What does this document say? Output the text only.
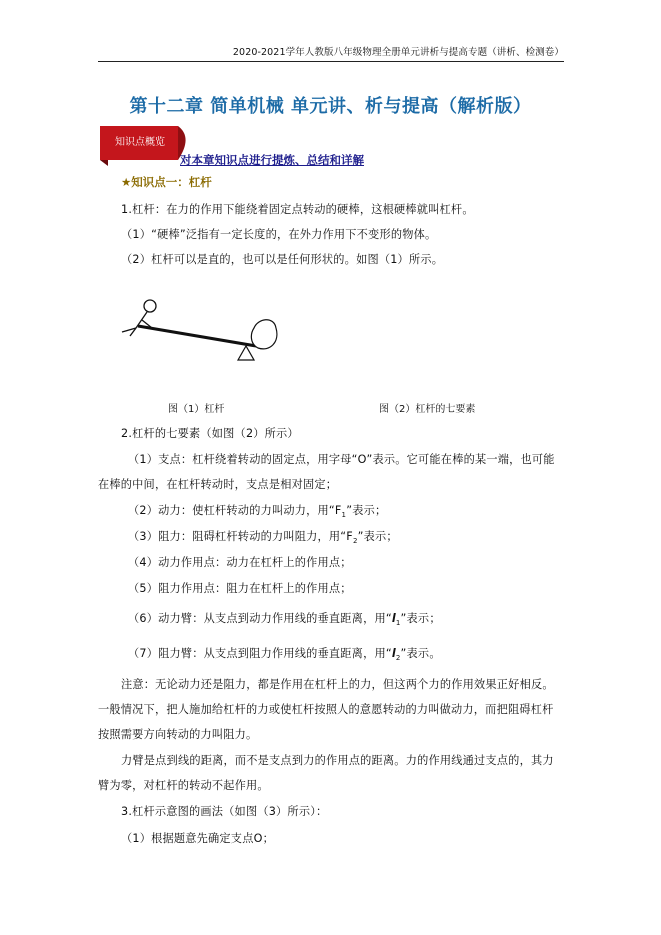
2020-2021学年人教版八年级物理全册单元讲析与提高专题（讲析、检测卷）
第十二章 简单机械 单元讲、析与提高（解析版）
知识点概览
对本章知识点进行提炼、总结和详解
★知识点一：杠杆
1.杠杆：在力的作用下能绕着固定点转动的硬棒，这根硬棒就叫杠杆。
（1）“硬棒”泛指有一定长度的，在外力作用下不变形的物体。
（2）杠杆可以是直的，也可以是任何形状的。如图（1）所示。
图（1）杠杆	图（2）杠杆的七要素
2.杠杆的七要素（如图（2）所示）
（1）支点：杠杆绕着转动的固定点，用字母“O”表示。它可能在棒的某一端，也可能
在棒的中间，在杠杆转动时，支点是相对固定；
（2）动力：使杠杆转动的力叫动力，用“$F_1$”表示；
（3）阻力：阻碍杠杆转动的力叫阻力，用“$F_2$”表示；
（4）动力作用点：动力在杠杆上的作用点；
（5）阻力作用点：阻力在杠杆上的作用点；
（6）动力臂：从支点到动力作用线的垂直距离，用“$l_1$”表示；
（7）阻力臂：从支点到阻力作用线的垂直距离，用“$l_2$”表示。
注意：无论动力还是阻力，都是作用在杠杆上的力，但这两个力的作用效果正好相反。
一般情况下，把人施加给杠杆的力或使杠杆按照人的意愿转动的力叫做动力，而把阻碍杠杆
按照需要方向转动的力叫阻力。
力臂是点到线的距离，而不是支点到力的作用点的距离。力的作用线通过支点的，其力
臂为零，对杠杆的转动不起作用。
3.杠杆示意图的画法（如图（3）所示）：
（1）根据题意先确定支点O；
